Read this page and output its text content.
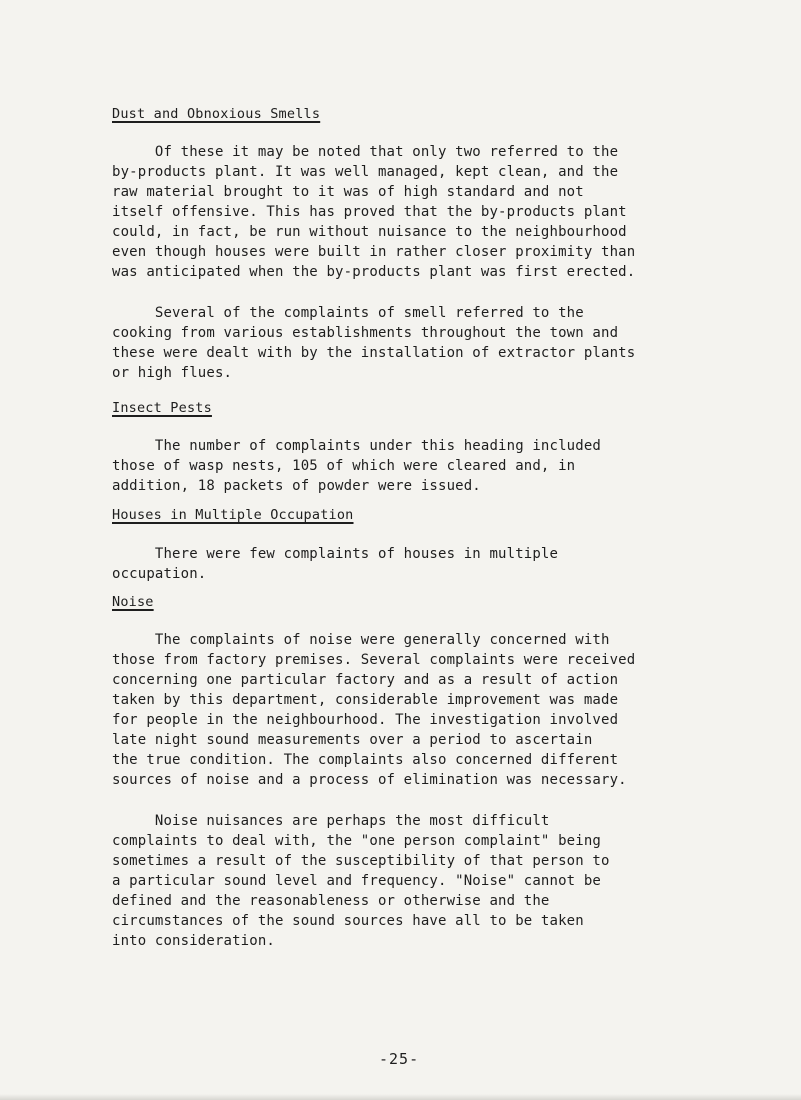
Dust and Obnoxious Smells

Of these it may be noted that only two referred to the
by-products plant. It was well managed, kept clean, and the
raw material brought to it was of high standard and not
itself offensive. This has proved that the by-products plant
could, in fact, be run without nuisance to the neighbourhood
even though houses were built in rather closer proximity than
was anticipated when the by-products plant was first erected.

Several of the complaints of smell referred to the
cooking from various establishments throughout the town and
these were dealt with by the installation of extractor plants
or high flues.

Insect Pests

The number of complaints under this heading included
those of wasp nests, 105 of which were cleared and, in
addition, 18 packets of powder were issued.

Houses in Multiple Occupation

There were few complaints of houses in multiple
occupation.

Noise

The complaints of noise were generally concerned with
those from factory premises. Several complaints were received
concerning one particular factory and as a result of action
taken by this department, considerable improvement was made
for people in the neighbourhood. The investigation involved
late night sound measurements over a period to ascertain
the true condition. The complaints also concerned different
sources of noise and a process of elimination was necessary.

Noise nuisances are perhaps the most difficult
complaints to deal with, the "one person complaint" being
sometimes a result of the susceptibility of that person to
a particular sound level and frequency. "Noise" cannot be
defined and the reasonableness or otherwise and the
circumstances of the sound sources have all to be taken
into consideration.

-25-
